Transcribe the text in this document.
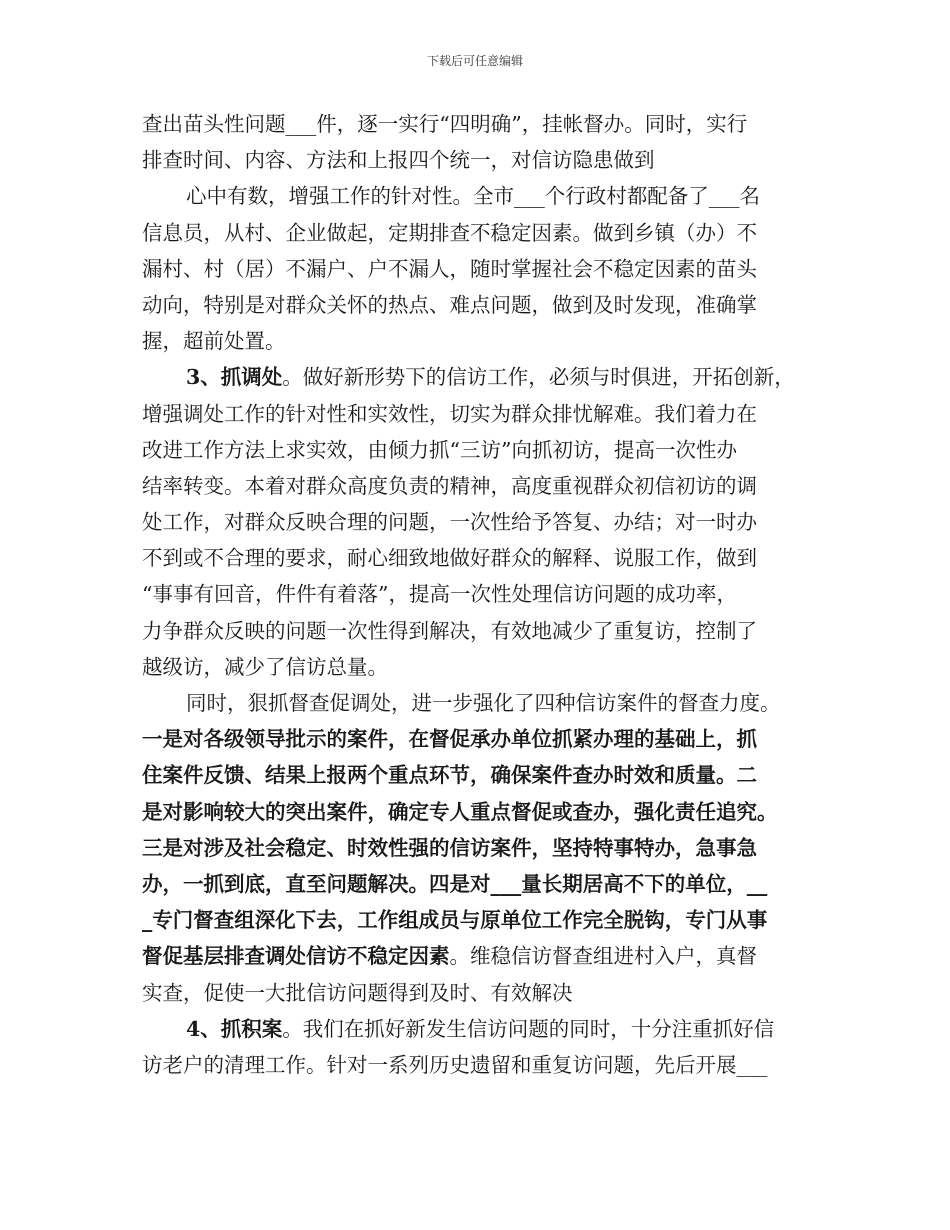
下载后可任意编辑
查出苗头性问题___件，逐一实行“四明确”，挂帐督办。同时，实行
排查时间、内容、方法和上报四个统一，对信访隐患做到
心中有数，增强工作的针对性。全市___个行政村都配备了___名
信息员，从村、企业做起，定期排查不稳定因素。做到乡镇（办）不
漏村、村（居）不漏户、户不漏人，随时掌握社会不稳定因素的苗头
动向，特别是对群众关怀的热点、难点问题，做到及时发现，准确掌
握，超前处置。
3、抓调处。做好新形势下的信访工作，必须与时俱进，开拓创新，
增强调处工作的针对性和实效性，切实为群众排忧解难。我们着力在
改进工作方法上求实效，由倾力抓“三访”向抓初访，提高一次性办
结率转变。本着对群众高度负责的精神，高度重视群众初信初访的调
处工作，对群众反映合理的问题，一次性给予答复、办结；对一时办
不到或不合理的要求，耐心细致地做好群众的解释、说服工作，做到
“事事有回音，件件有着落”，提高一次性处理信访问题的成功率，
力争群众反映的问题一次性得到解决，有效地减少了重复访，控制了
越级访，减少了信访总量。
同时，狠抓督查促调处，进一步强化了四种信访案件的督查力度。
一是对各级领导批示的案件，在督促承办单位抓紧办理的基础上，抓
住案件反馈、结果上报两个重点环节，确保案件查办时效和质量。二
是对影响较大的突出案件，确定专人重点督促或查办，强化责任追究。
三是对涉及社会稳定、时效性强的信访案件，坚持特事特办，急事急
办，一抓到底，直至问题解决。四是对___量长期居高不下的单位，__
_专门督查组深化下去，工作组成员与原单位工作完全脱钩，专门从事
督促基层排查调处信访不稳定因素。维稳信访督查组进村入户，真督
实查，促使一大批信访问题得到及时、有效解决
4、抓积案。我们在抓好新发生信访问题的同时，十分注重抓好信
访老户的清理工作。针对一系列历史遗留和重复访问题，先后开展___
